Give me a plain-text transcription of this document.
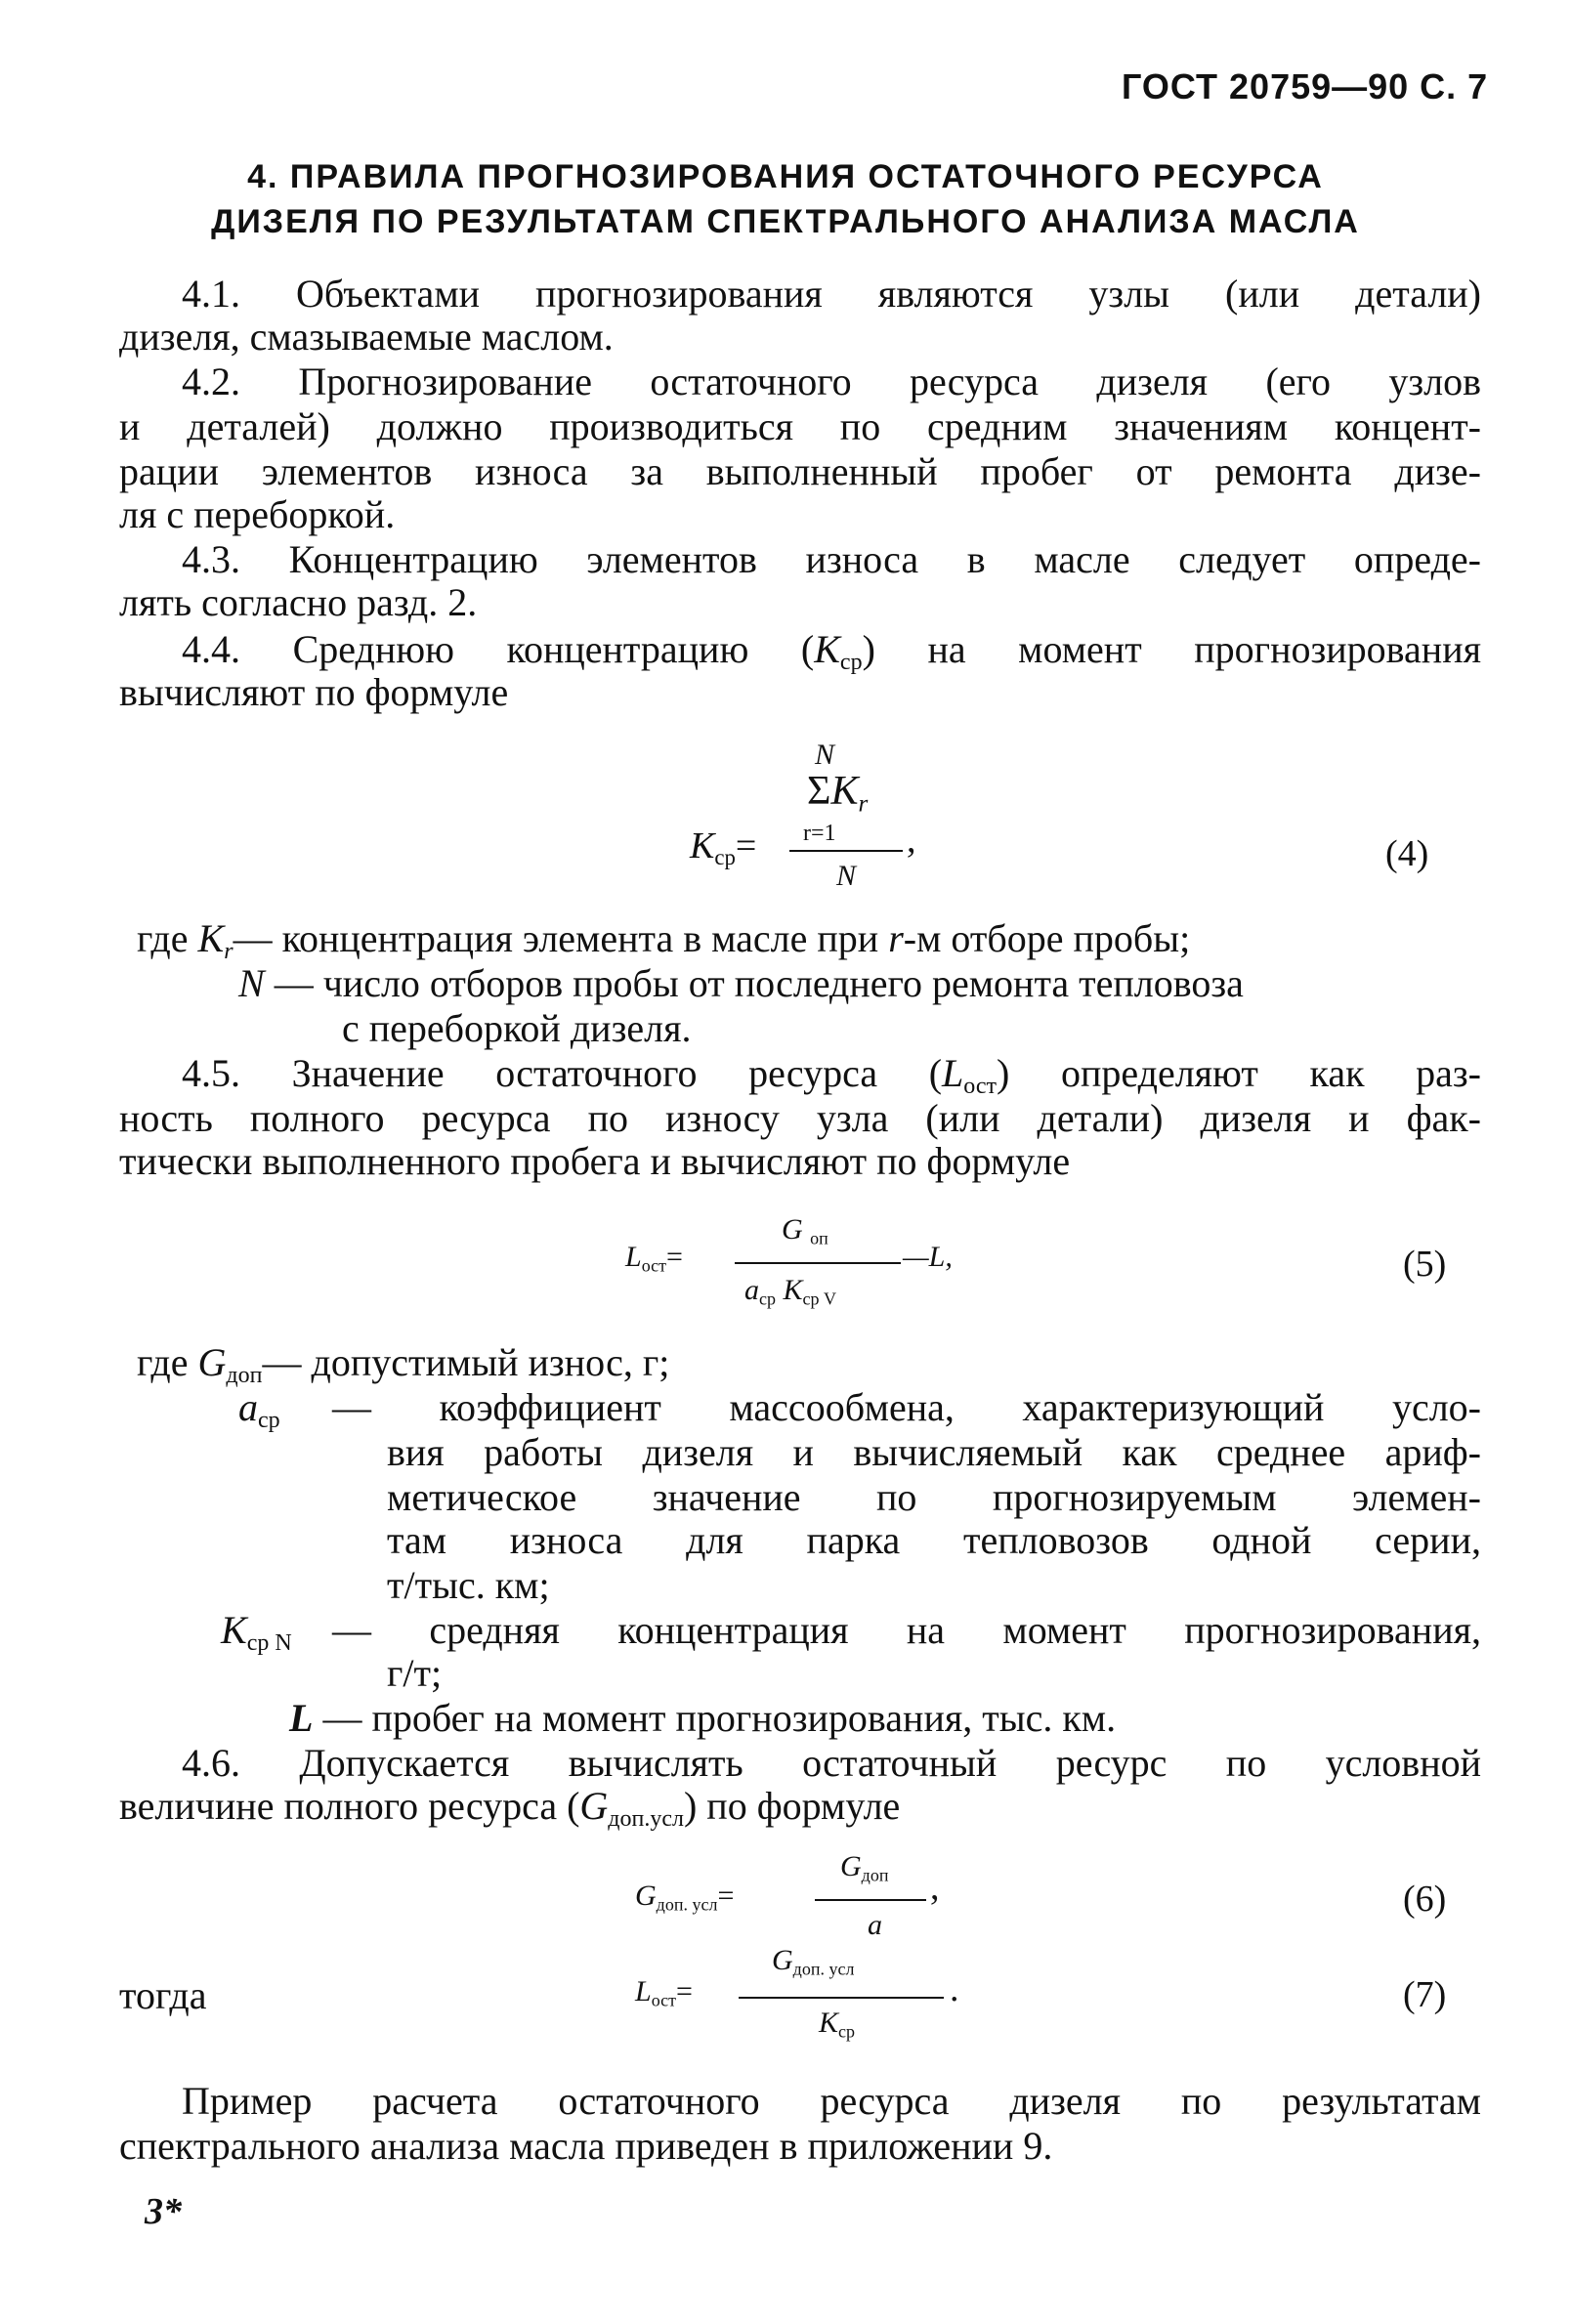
ГОСТ 20759—90 С. 7
4. ПРАВИЛА ПРОГНОЗИРОВАНИЯ ОСТАТОЧНОГО РЕСУРСА
ДИЗЕЛЯ ПО РЕЗУЛЬТАТАМ СПЕКТРАЛЬНОГО АНАЛИЗА МАСЛА
4.1. Объектами прогнозирования являются узлы (или детали)
дизеля, смазываемые маслом.
4.2. Прогнозирование остаточного ресурса дизеля (его узлов
и деталей) должно производиться по средним значениям концент-
рации элементов износа за выполненный пробег от ремонта дизе-
ля с переборкой.
4.3. Концентрацию элементов износа в масле следует опреде-
лять согласно разд. 2.
4.4. Среднюю концентрацию $(K_{ср})$ на момент прогнозирования
вычисляют по формуле
N
$\Sigma K_r$
r=1
$K_{ср}=$	,
N
(4)
где $K_r—$ концентрация элемента в масле при r-м отборе пробы;
N — число отборов пробы от последнего ремонта тепловоза
с переборкой дизеля.
4.5. Значение остаточного ресурса $(L_{ост})$ определяют как раз-
ность полного ресурса по износу узла (или детали) дизеля и фак-
тически выполненного пробега и вычисляют по формуле
$L_{ост}=$
G $_{оп}$
$a_{ср}$ $K_{ср V}$
—L,	(5)
где $G_{доп}—$ допустимый износ, г;
$a_{ср}$ — коэффициент массообмена, характеризующий усло-
вия работы дизеля и вычисляемый как среднее ариф-
метическое значение по прогнозируемым элемен-
там износа для парка тепловозов одной серии,
т/тыс. км;
$K_{ср N}$ — средняя концентрация на момент прогнозирования,
г/т;
L — пробег на момент прогнозирования, тыс. км.
4.6. Допускается вычислять остаточный ресурс по условной
величине полного ресурса $(G_{доп.усл})$ по формуле
$G_{доп}$
$G_{доп. усл}=$	,
a
(6)
тогда
$G_{доп. усл}$
$L_{ост}=$	.
$K_{ср}$
(7)
Пример расчета остаточного ресурса дизеля по результатам
спектрального анализа масла приведен в приложении 9.
3*
